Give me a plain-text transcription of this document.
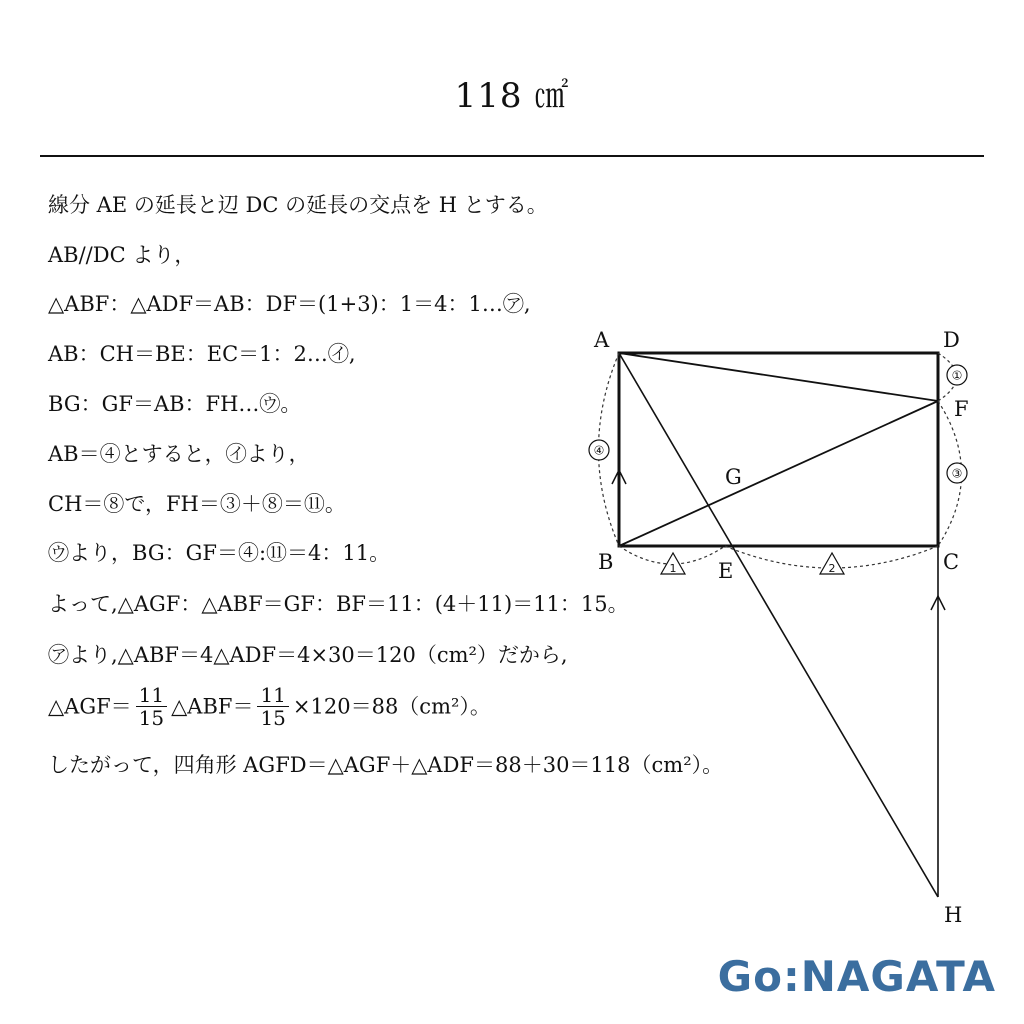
118 ㎠
線分 AE の延長と辺 DC の延長の交点を H とする。
AB//DC より，
△ABF：△ADF＝AB：DF＝(1+3)：1＝4：1…㋐,
AB：CH＝BE：EC＝1：2…㋑,
BG：GF＝AB：FH…㋒。
AB＝④とすると，㋑より，
CH＝⑧で，FH＝③＋⑧＝⑪。
㋒より，BG：GF＝④:⑪＝4：11。
よって,△AGF：△ABF＝GF：BF＝11：(4＋11)＝11：15。
㋐より,△ABF＝4△ADF＝4×30＝120（cm²）だから,
△AGF＝ $\frac{11}{15}$ △ABF＝ $\frac{11}{15} \times 120=88(cm^2)$。
したがって，四角形 AGFD＝△AGF＋△ADF＝88＋30＝118（cm²）。
①
③
④
1	2
A	D
F
G
B	E	C
H
Go:NAGATA
